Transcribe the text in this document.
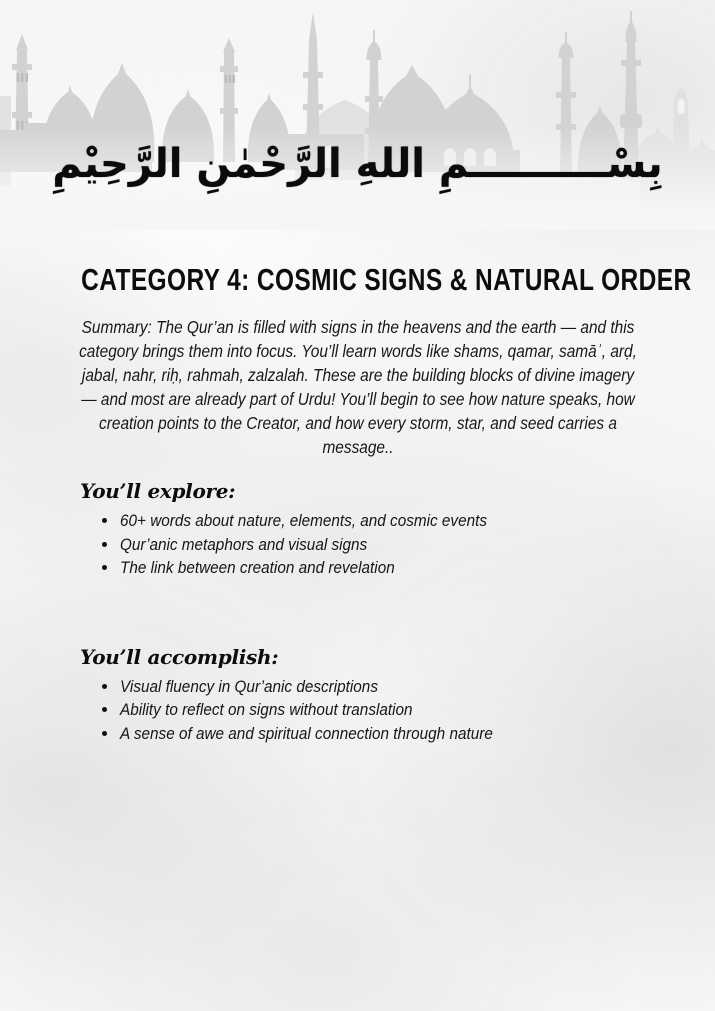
بِسْــــــــــمِ اللهِ الرَّحْمٰنِ الرَّحِيْمِ
CATEGORY 4: COSMIC SIGNS & NATURAL ORDER

Summary: The Qur’an is filled with signs in the heavens and the earth — and this category brings them into focus. You’ll learn words like shams, qamar, samāʾ, arḍ, jabal, nahr, riḥ, rahmah, zalzalah. These are the building blocks of divine imagery — and most are already part of Urdu! You’ll begin to see how nature speaks, how creation points to the Creator, and how every storm, star, and seed carries a message..

You’ll explore:
60+ words about nature, elements, and cosmic events
Qur’anic metaphors and visual signs
The link between creation and revelation
You’ll accomplish:
Visual fluency in Qur’anic descriptions
Ability to reflect on signs without translation
A sense of awe and spiritual connection through nature
